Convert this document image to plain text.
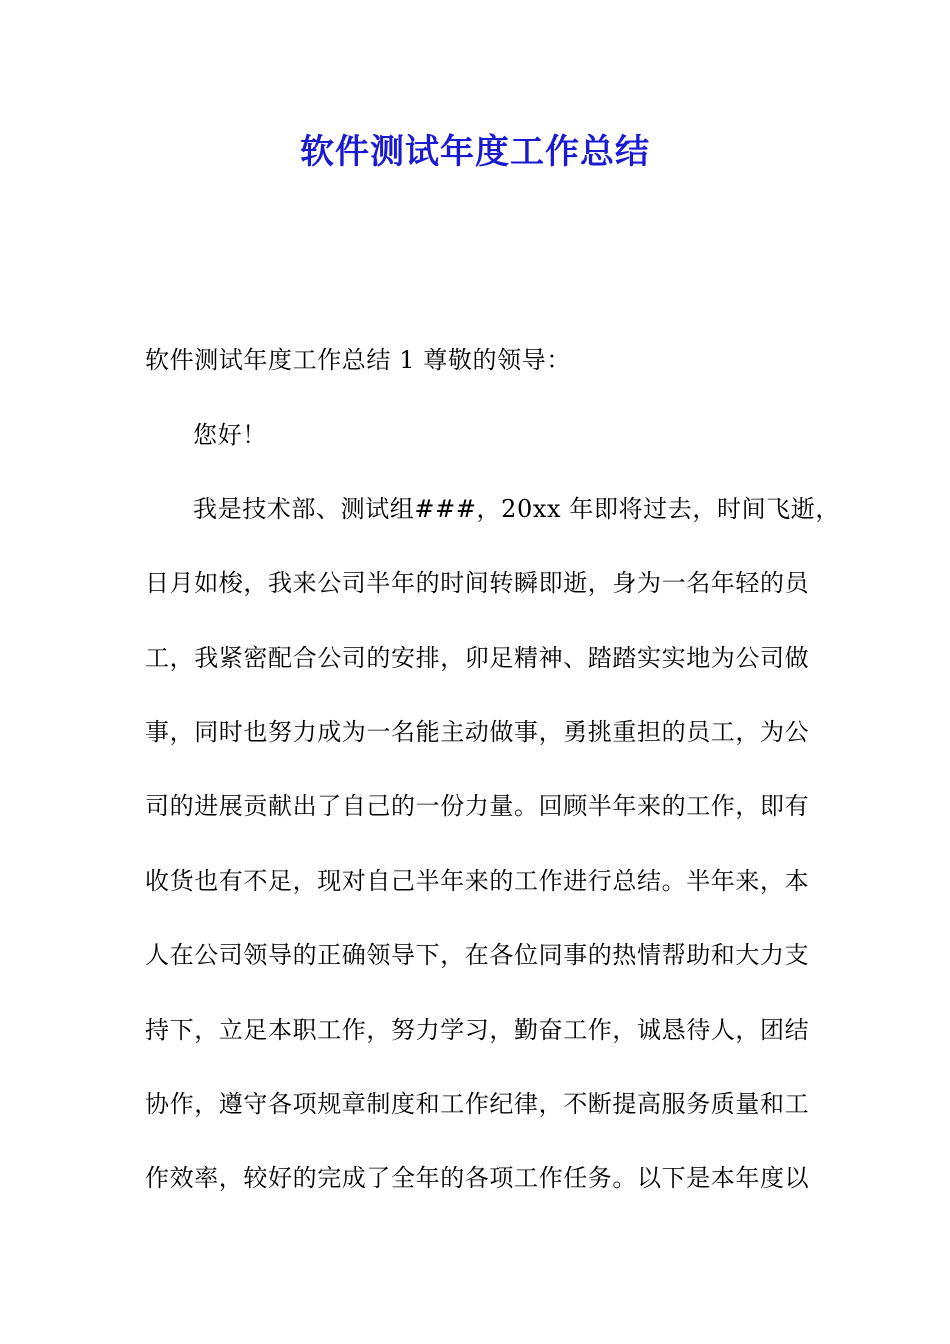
软件测试年度工作总结
软件测试年度工作总结 1 尊敬的领导：
您好！
我是技术部、测试组###，20xx 年即将过去，时间飞逝，
日月如梭，我来公司半年的时间转瞬即逝，身为一名年轻的员
工，我紧密配合公司的安排，卯足精神、踏踏实实地为公司做
事，同时也努力成为一名能主动做事，勇挑重担的员工，为公
司的进展贡献出了自己的一份力量。回顾半年来的工作，即有
收货也有不足，现对自己半年来的工作进行总结。半年来，本
人在公司领导的正确领导下，在各位同事的热情帮助和大力支
持下，立足本职工作，努力学习，勤奋工作，诚恳待人，团结
协作，遵守各项规章制度和工作纪律，不断提高服务质量和工
作效率，较好的完成了全年的各项工作任务。以下是本年度以
